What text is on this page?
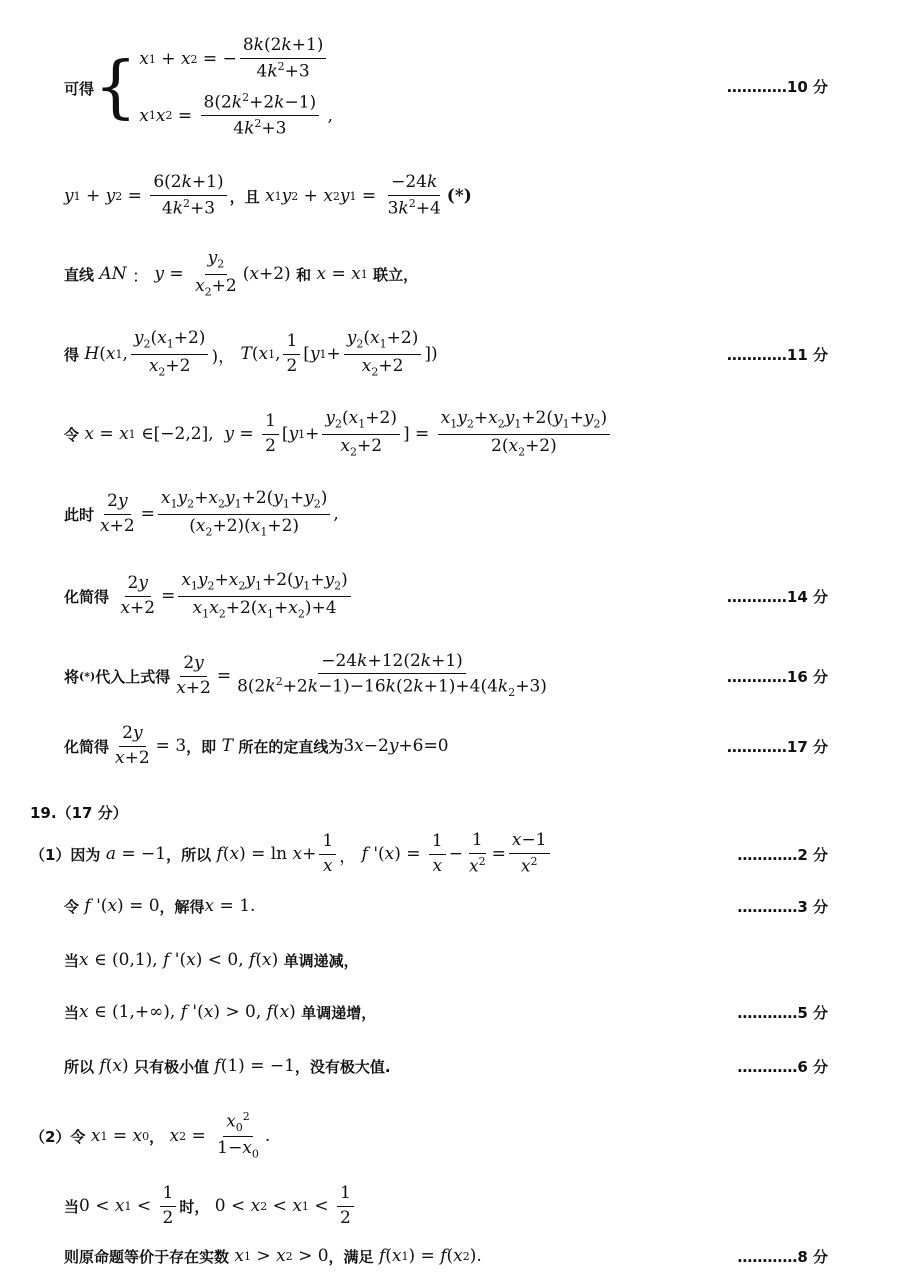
可得 { x 1 + x 2 = − $\frac{8k(2k+1)}{4k^2+3}$
x 1 x $2 = \frac{8(2k^2+2k-1)}{4k^2+3}$ ,
…………10 分
y 1 + y $2 = \frac{6(2k+1)}{4k^2+3}$ ，且
x 1 y 2 + x 2 y $1 = \frac{-24k}{3k^2+4}$ (*)
直线
AN ： $y = \frac{y_2}{x_2+2}$ ( x +2) 和
x = x 1
联立，
得
H ( x 1 , $\frac{y_2(x_1+2)}{x_2+2}$ )， T ( x 1 , $\frac{1}{2}$ [ y $1 + \frac{y_2(x_1+2)}{x_2+2}$ ])	…………11 分
令
x = x 1 ∈[−2,2], $y = \frac{1}{2}$ [ y $1 + \frac{y_2(x_1+2)}{x_2+2}$ ] = $\frac{x_1y_2+x_2y_1+2(y_1+y_2)}{2(x_2+2)}$
此时 $\frac{2y}{x+2} = \frac{x_1y_2+x_2y_1+2(y_1+y_2)}{(x_2+2)(x_1+2)}$ ,
化简得
$\frac{2y}{x+2} = \frac{x_1y_2+x_2y_1+2(y_1+y_2)}{x_1x_2+2(x_1+x_2)+4}$	…………14 分
将 (*) 代入上式得 $\frac{2y}{x+2} = \frac{-24k+12(2k+1)}{8(2k^2+2k-1)-16k(2k+1)+4(4k_2+3)}$	…………16 分
化简得 $\frac{2y}{x+2} = 3$ ，即
T
所在的定直线为 3 x −2 y +6=0	…………17 分
19.（17 分）
（1）因为
a = −1 ，所以
f ( x ) = $\ln x + \frac{1}{x}$ ， f '( x ) = $\frac{1}{x} - \frac{1}{x^2} = \frac{x-1}{x^2}$	…………2 分
令
f '( x ) = 0 ，解得 x = 1.	…………3 分
当 x ∈ (0,1), f '( x ) < 0, f ( x ) 单调递减，
当 x ∈ (1,+∞), f '( x ) > 0, f ( x ) 单调递增，	…………5 分
所以
f ( x ) 只有极小值
f (1) = −1 ，没有极大值.	…………6 分
（2）令
x 1 = x 0 ，
x $2 = \frac{x_0^2}{1-x_0}$ .
当 0 < x $1 < \frac{1}{2}$ 时， 0 < x 2 < x $1 < \frac{1}{2}$
则原命题等价于存在实数
x 1 > x 2 > 0 ，满足
f ( x 1 ) = f ( x 2 ).	…………8 分
